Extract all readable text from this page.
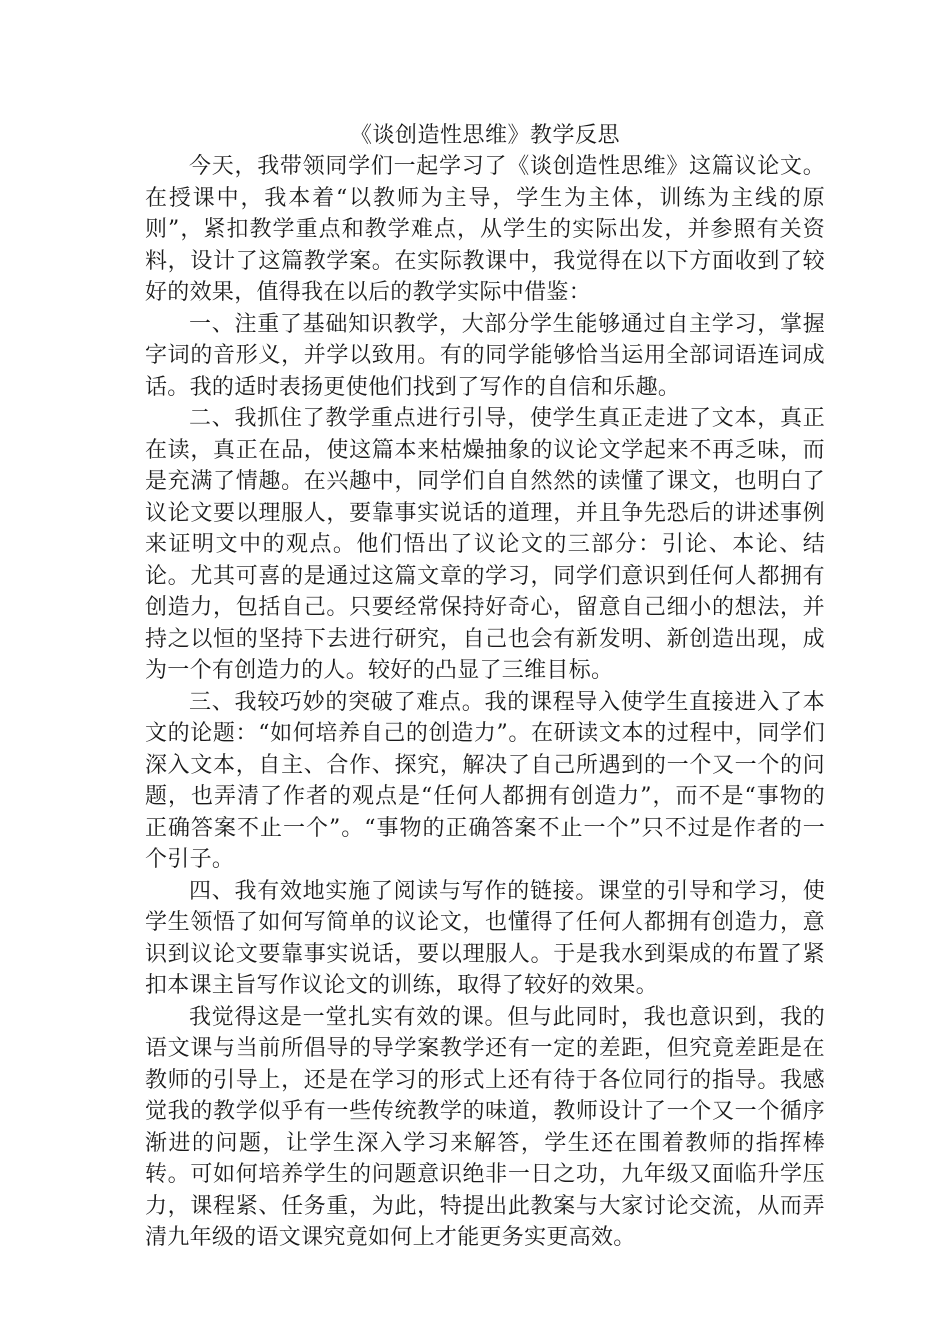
《谈创造性思维》教学反思

今天，我带领同学们一起学习了《谈创造性思维》这篇议论文。在授课中，我本着“以教师为主导，学生为主体，训练为主线的原则”，紧扣教学重点和教学难点，从学生的实际出发，并参照有关资料，设计了这篇教学案。在实际教课中，我觉得在以下方面收到了较好的效果，值得我在以后的教学实际中借鉴：

一、注重了基础知识教学，大部分学生能够通过自主学习，掌握字词的音形义，并学以致用。有的同学能够恰当运用全部词语连词成话。我的适时表扬更使他们找到了写作的自信和乐趣。

二、我抓住了教学重点进行引导，使学生真正走进了文本，真正在读，真正在品，使这篇本来枯燥抽象的议论文学起来不再乏味，而是充满了情趣。在兴趣中，同学们自自然然的读懂了课文，也明白了议论文要以理服人，要靠事实说话的道理，并且争先恐后的讲述事例来证明文中的观点。他们悟出了议论文的三部分：引论、本论、结论。尤其可喜的是通过这篇文章的学习，同学们意识到任何人都拥有创造力，包括自己。只要经常保持好奇心，留意自己细小的想法，并持之以恒的坚持下去进行研究，自己也会有新发明、新创造出现，成为一个有创造力的人。较好的凸显了三维目标。

三、我较巧妙的突破了难点。我的课程导入使学生直接进入了本文的论题：“如何培养自己的创造力”。在研读文本的过程中，同学们深入文本，自主、合作、探究，解决了自己所遇到的一个又一个的问题，也弄清了作者的观点是“任何人都拥有创造力”，而不是“事物的正确答案不止一个”。“事物的正确答案不止一个”只不过是作者的一个引子。

四、我有效地实施了阅读与写作的链接。课堂的引导和学习，使学生领悟了如何写简单的议论文，也懂得了任何人都拥有创造力，意识到议论文要靠事实说话，要以理服人。于是我水到渠成的布置了紧扣本课主旨写作议论文的训练，取得了较好的效果。

我觉得这是一堂扎实有效的课。但与此同时，我也意识到，我的语文课与当前所倡导的导学案教学还有一定的差距，但究竟差距是在教师的引导上，还是在学习的形式上还有待于各位同行的指导。我感觉我的教学似乎有一些传统教学的味道，教师设计了一个又一个循序渐进的问题，让学生深入学习来解答，学生还在围着教师的指挥棒转。可如何培养学生的问题意识绝非一日之功，九年级又面临升学压力，课程紧、任务重，为此，特提出此教案与大家讨论交流，从而弄清九年级的语文课究竟如何上才能更务实更高效。
